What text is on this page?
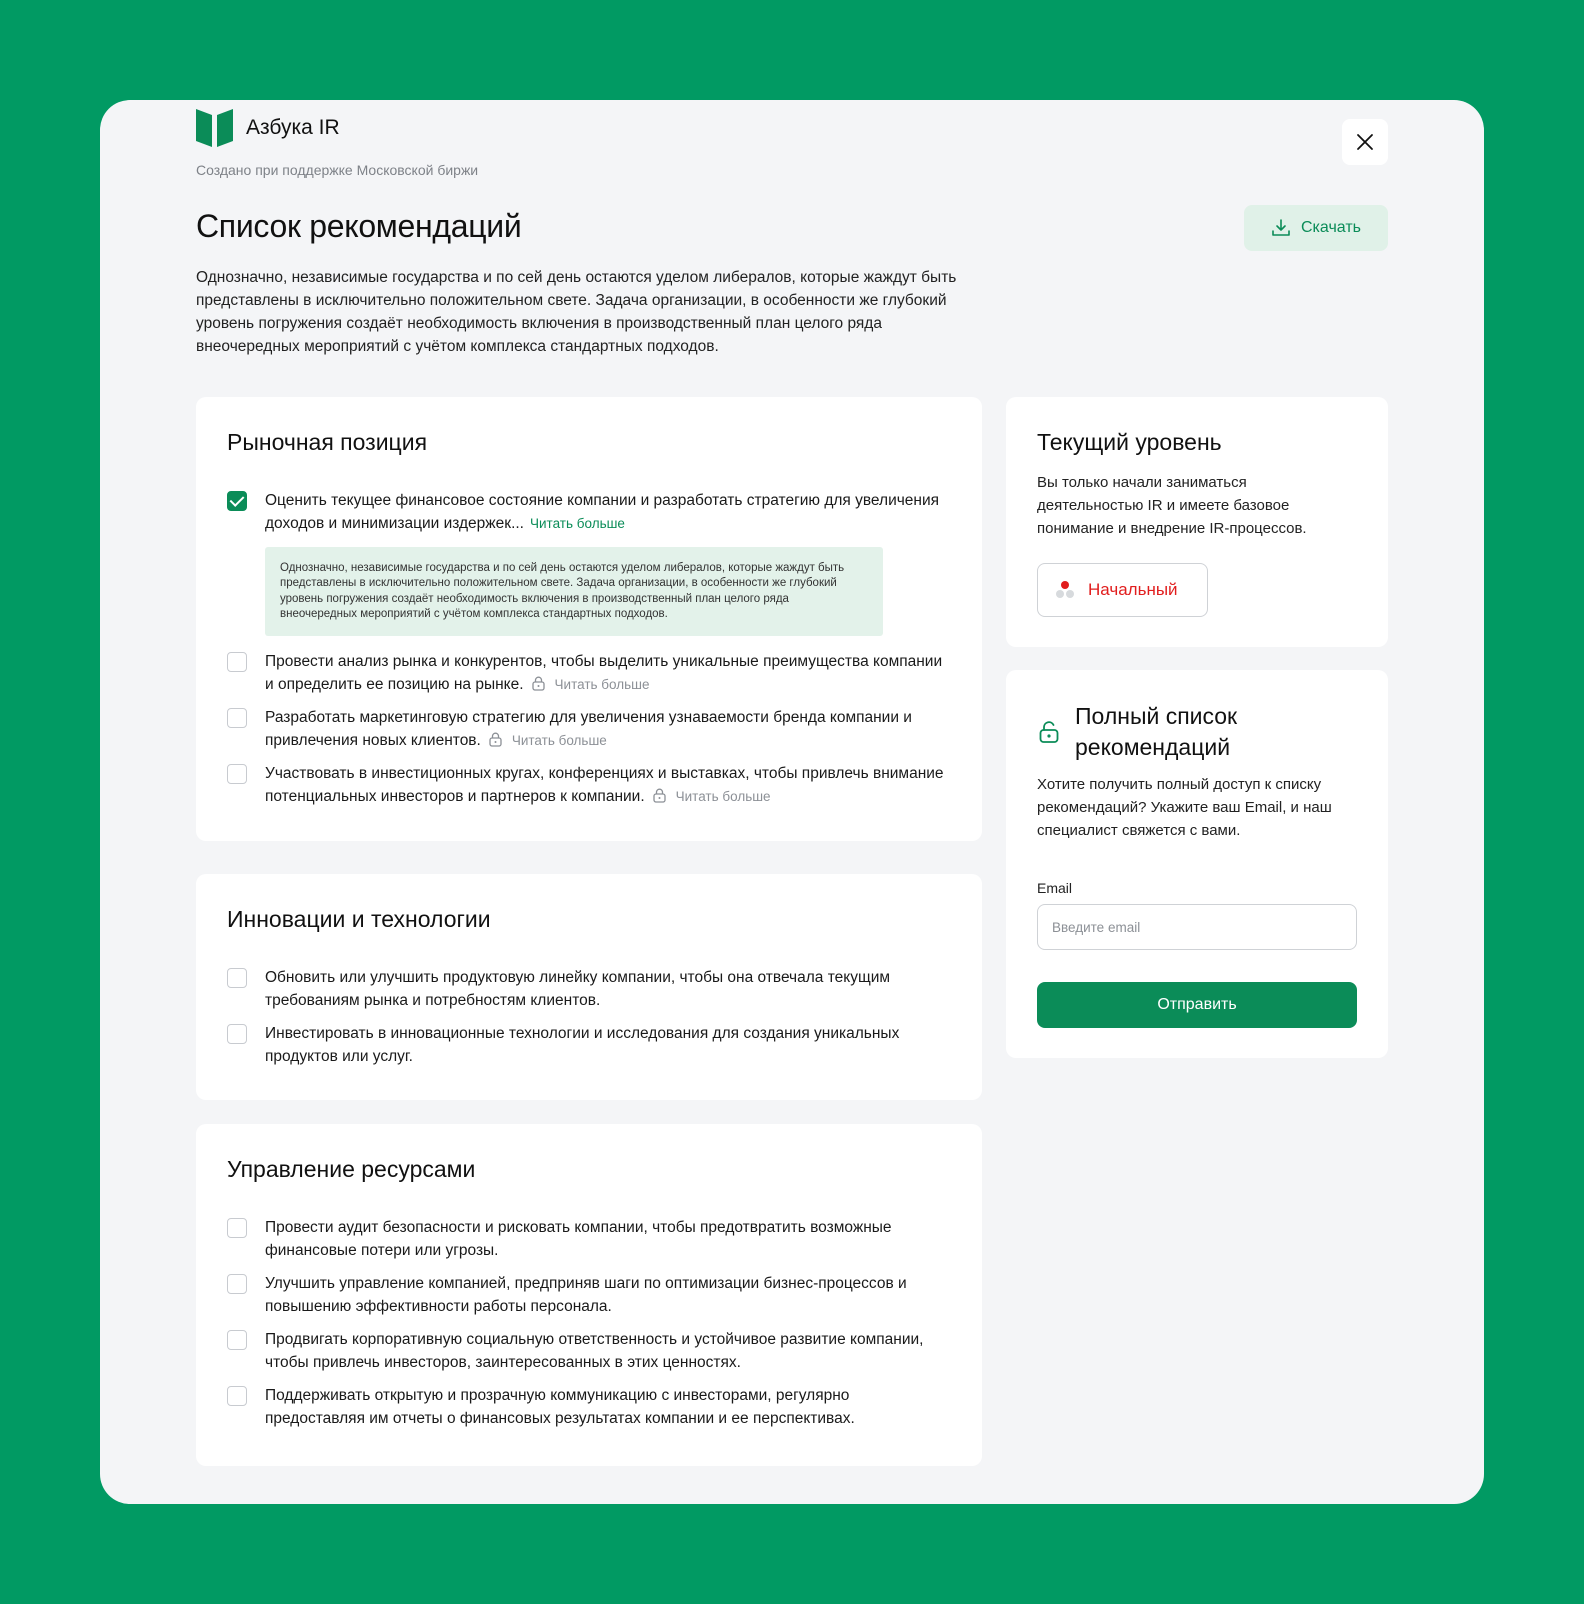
Азбука IR
Создано при поддержке Московской биржи
Список рекомендаций	Скачать

Однозначно, независимые государства и по сей день остаются уделом либералов, которые жаждут быть представлены в исключительно положительном свете. Задача организации, в особенности же глубокий уровень погружения создаёт необходимость включения в производственный план целого ряда внеочередных мероприятий с учётом комплекса стандартных подходов.

Рыночная позиция
Оценить текущее финансовое состояние компании и разработать стратегию для увеличения доходов и минимизации издержек... Читать больше
Однозначно, независимые государства и по сей день остаются уделом либералов, которые жаждут быть представлены в исключительно положительном свете. Задача организации, в особенности же глубокий уровень погружения создаёт необходимость включения в производственный план целого ряда внеочередных мероприятий с учётом комплекса стандартных подходов.
Провести анализ рынка и конкурентов, чтобы выделить уникальные преимущества компании и определить ее позицию на рынке. Читать больше
Разработать маркетинговую стратегию для увеличения узнаваемости бренда компании и привлечения новых клиентов. Читать больше
Участвовать в инвестиционных кругах, конференциях и выставках, чтобы привлечь внимание потенциальных инвесторов и партнеров к компании. Читать больше
Инновации и технологии
Обновить или улучшить продуктовую линейку компании, чтобы она отвечала текущим требованиям рынка и потребностям клиентов.
Инвестировать в инновационные технологии и исследования для создания уникальных продуктов или услуг.
Управление ресурсами
Провести аудит безопасности и рисковать компании, чтобы предотвратить возможные финансовые потери или угрозы.
Улучшить управление компанией, предприняв шаги по оптимизации бизнес-процессов и повышению эффективности работы персонала.
Продвигать корпоративную социальную ответственность и устойчивое развитие компании, чтобы привлечь инвесторов, заинтересованных в этих ценностях.
Поддерживать открытую и прозрачную коммуникацию с инвесторами, регулярно предоставляя им отчеты о финансовых результатах компании и ее перспективах.
Текущий уровень

Вы только начали заниматься деятельностью IR и имеете базовое понимание и внедрение IR-процессов.

Начальный
Полный список рекомендаций

Хотите получить полный доступ к списку рекомендаций? Укажите ваш Email, и наш специалист свяжется с вами.

Email
Введите email
Отправить
